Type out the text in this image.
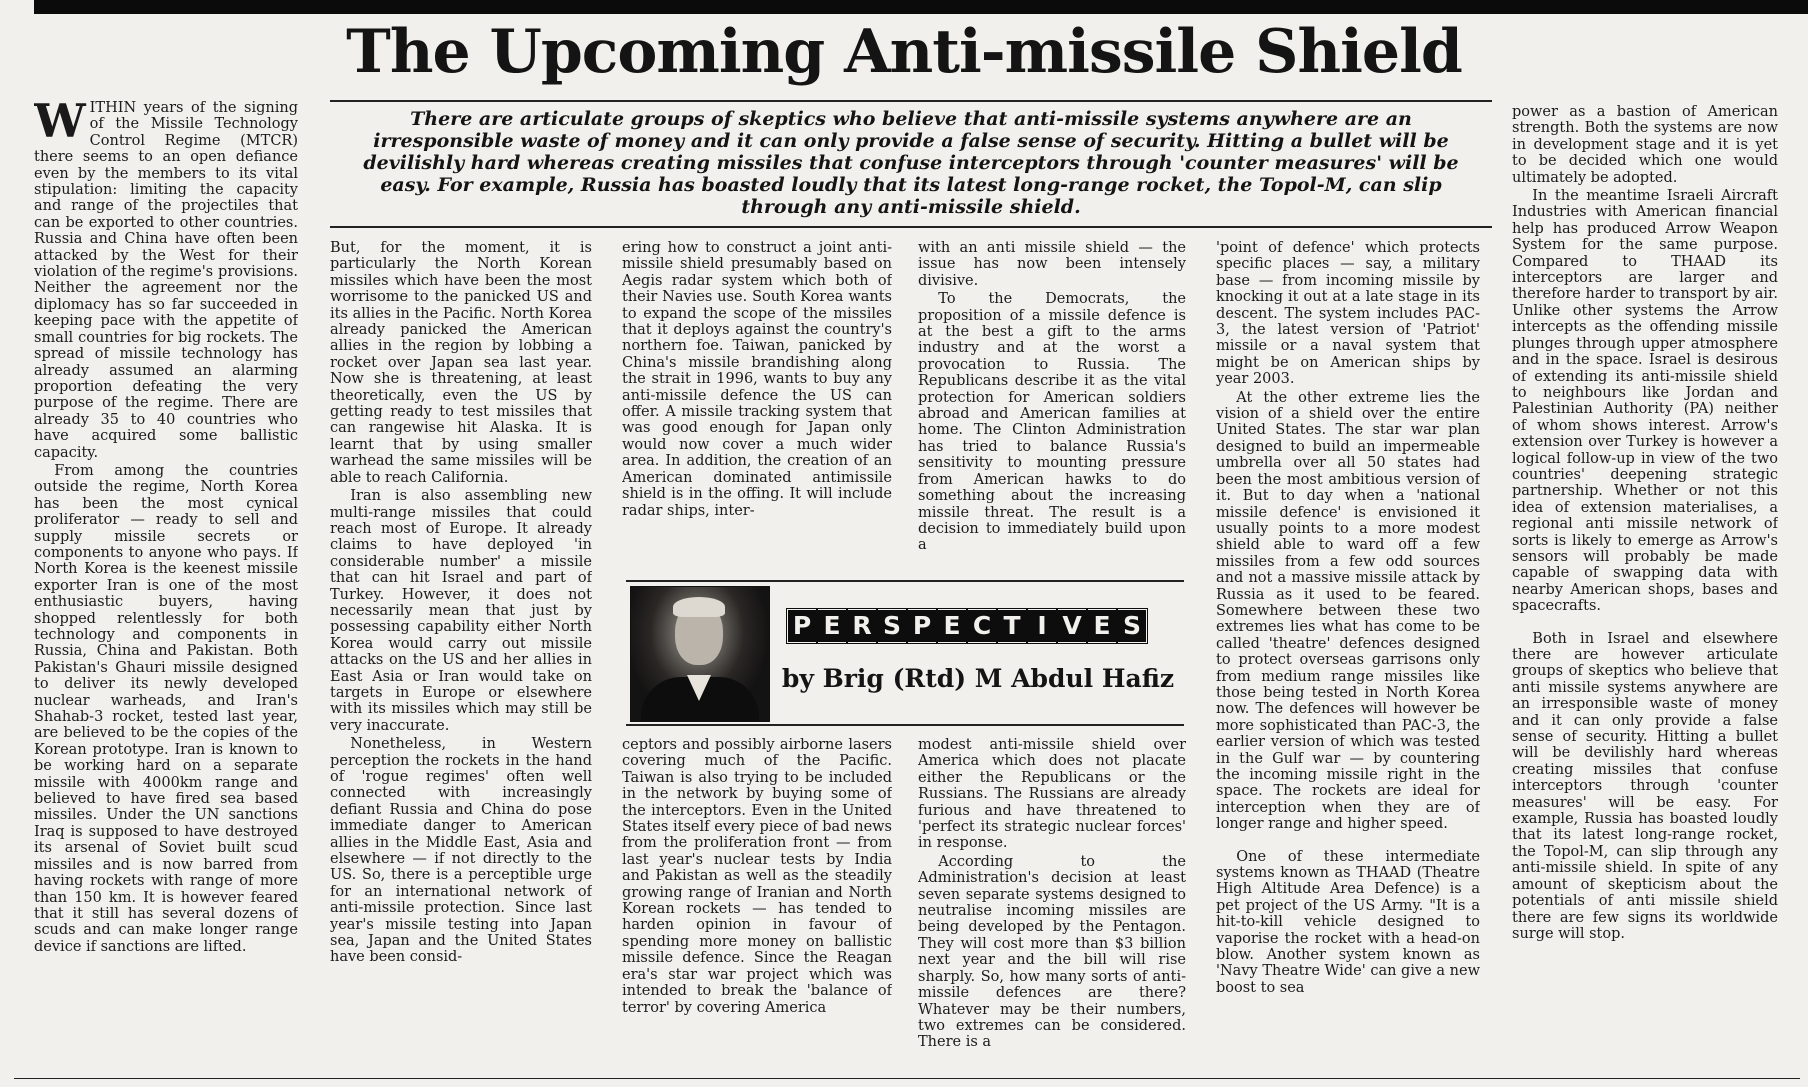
The Upcoming Anti-missile Shield

There are articulate groups of skeptics who believe that anti-missile systems anywhere are an irresponsible waste of money and it can only provide a false sense of security. Hitting a bullet will be devilishly hard whereas creating missiles that confuse interceptors through 'counter measures' will be easy. For example, Russia has boasted loudly that its latest long-range rocket, the Topol-M, can slip through any anti-missile shield.

WITHIN years of the signing of the Missile Technology Control Regime (MTCR) there seems to an open defiance even by the members to its vital stipulation: limiting the capacity and range of the projectiles that can be exported to other countries. Russia and China have often been attacked by the West for their violation of the regime's provisions. Neither the agreement nor the diplomacy has so far succeeded in keeping pace with the appetite of small countries for big rockets. The spread of missile technology has already assumed an alarming proportion defeating the very purpose of the regime. There are already 35 to 40 countries who have acquired some ballistic capacity.

From among the countries outside the regime, North Korea has been the most cynical proliferator — ready to sell and supply missile secrets or components to anyone who pays. If North Korea is the keenest missile exporter Iran is one of the most enthusiastic buyers, having shopped relentlessly for both technology and components in Russia, China and Pakistan. Both Pakistan's Ghauri missile designed to deliver its newly developed nuclear warheads, and Iran's Shahab-3 rocket, tested last year, are believed to be the copies of the Korean prototype. Iran is known to be working hard on a separate missile with 4000km range and believed to have fired sea based missiles. Under the UN sanctions Iraq is supposed to have destroyed its arsenal of Soviet built scud missiles and is now barred from having rockets with range of more than 150 km. It is however feared that it still has several dozens of scuds and can make longer range device if sanctions are lifted.

But, for the moment, it is particularly the North Korean missiles which have been the most worrisome to the panicked US and its allies in the Pacific. North Korea already panicked the American allies in the region by lobbing a rocket over Japan sea last year. Now she is threatening, at least theoretically, even the US by getting ready to test missiles that can rangewise hit Alaska. It is learnt that by using smaller warhead the same missiles will be able to reach California.

Iran is also assembling new multi-range missiles that could reach most of Europe. It already claims to have deployed 'in considerable number' a missile that can hit Israel and part of Turkey. However, it does not necessarily mean that just by possessing capability either North Korea would carry out missile attacks on the US and her allies in East Asia or Iran would take on targets in Europe or elsewhere with its missiles which may still be very inaccurate.

Nonetheless, in Western perception the rockets in the hand of 'rogue regimes' often well connected with increasingly defiant Russia and China do pose immediate danger to American allies in the Middle East, Asia and elsewhere — if not directly to the US. So, there is a perceptible urge for an international network of anti-missile protection. Since last year's missile testing into Japan sea, Japan and the United States have been consid-

ering how to construct a joint anti-missile shield presumably based on Aegis radar system which both of their Navies use. South Korea wants to expand the scope of the missiles that it deploys against the country's northern foe. Taiwan, panicked by China's missile brandishing along the strait in 1996, wants to buy any anti-missile defence the US can offer. A missile tracking system that was good enough for Japan only would now cover a much wider area. In addition, the creation of an American dominated antimissile shield is in the offing. It will include radar ships, inter-

ceptors and possibly airborne lasers covering much of the Pacific. Taiwan is also trying to be included in the network by buying some of the interceptors. Even in the United States itself every piece of bad news from the proliferation front — from last year's nuclear tests by India and Pakistan as well as the steadily growing range of Iranian and North Korean rockets — has tended to harden opinion in favour of spending more money on ballistic missile defence. Since the Reagan era's star war project which was intended to break the 'balance of terror' by covering America

with an anti missile shield — the issue has now been intensely divisive.

To the Democrats, the proposition of a missile defence is at the best a gift to the arms industry and at the worst a provocation to Russia. The Republicans describe it as the vital protection for American soldiers abroad and American families at home. The Clinton Administration has tried to balance Russia's sensitivity to mounting pressure from American hawks to do something about the increasing missile threat. The result is a decision to immediately build upon a

modest anti-missile shield over America which does not placate either the Republicans or the Russians. The Russians are already furious and have threatened to 'perfect its strategic nuclear forces' in response.

According to the Administration's decision at least seven separate systems designed to neutralise incoming missiles are being developed by the Pentagon. They will cost more than $3 billion next year and the bill will rise sharply. So, how many sorts of anti-missile defences are there? Whatever may be their numbers, two extremes can be considered. There is a

'point of defence' which protects specific places — say, a military base — from incoming missile by knocking it out at a late stage in its descent. The system includes PAC-3, the latest version of 'Patriot' missile or a naval system that might be on American ships by year 2003.

At the other extreme lies the vision of a shield over the entire United States. The star war plan designed to build an impermeable umbrella over all 50 states had been the most ambitious version of it. But to day when a 'national missile defence' is envisioned it usually points to a more modest shield able to ward off a few missiles from a few odd sources and not a massive missile attack by Russia as it used to be feared. Somewhere between these two extremes lies what has come to be called 'theatre' defences designed to protect overseas garrisons only from medium range missiles like those being tested in North Korea now. The defences will however be more sophisticated than PAC-3, the earlier version of which was tested in the Gulf war — by countering the incoming missile right in the space. The rockets are ideal for interception when they are of longer range and higher speed.

One of these intermediate systems known as THAAD (Theatre High Altitude Area Defence) is a pet project of the US Army. "It is a hit-to-kill vehicle designed to vaporise the rocket with a head-on blow. Another system known as 'Navy Theatre Wide' can give a new boost to sea

power as a bastion of American strength. Both the systems are now in development stage and it is yet to be decided which one would ultimately be adopted.

In the meantime Israeli Aircraft Industries with American financial help has produced Arrow Weapon System for the same purpose. Compared to THAAD its interceptors are larger and therefore harder to transport by air. Unlike other systems the Arrow intercepts as the offending missile plunges through upper atmosphere and in the space. Israel is desirous of extending its anti-missile shield to neighbours like Jordan and Palestinian Authority (PA) neither of whom shows interest. Arrow's extension over Turkey is however a logical follow-up in view of the two countries' deepening strategic partnership. Whether or not this idea of extension materialises, a regional anti missile network of sorts is likely to emerge as Arrow's sensors will probably be made capable of swapping data with nearby American shops, bases and spacecrafts.

Both in Israel and elsewhere there are however articulate groups of skeptics who believe that anti missile systems anywhere are an irresponsible waste of money and it can only provide a false sense of security. Hitting a bullet will be devilishly hard whereas creating missiles that confuse interceptors through 'counter measures' will be easy. For example, Russia has boasted loudly that its latest long-range rocket, the Topol-M, can slip through any anti-missile shield. In spite of any amount of skepticism about the potentials of anti missile shield there are few signs its worldwide surge will stop.

P E R S P E C T I V E S
by Brig (Rtd) M Abdul Hafiz
